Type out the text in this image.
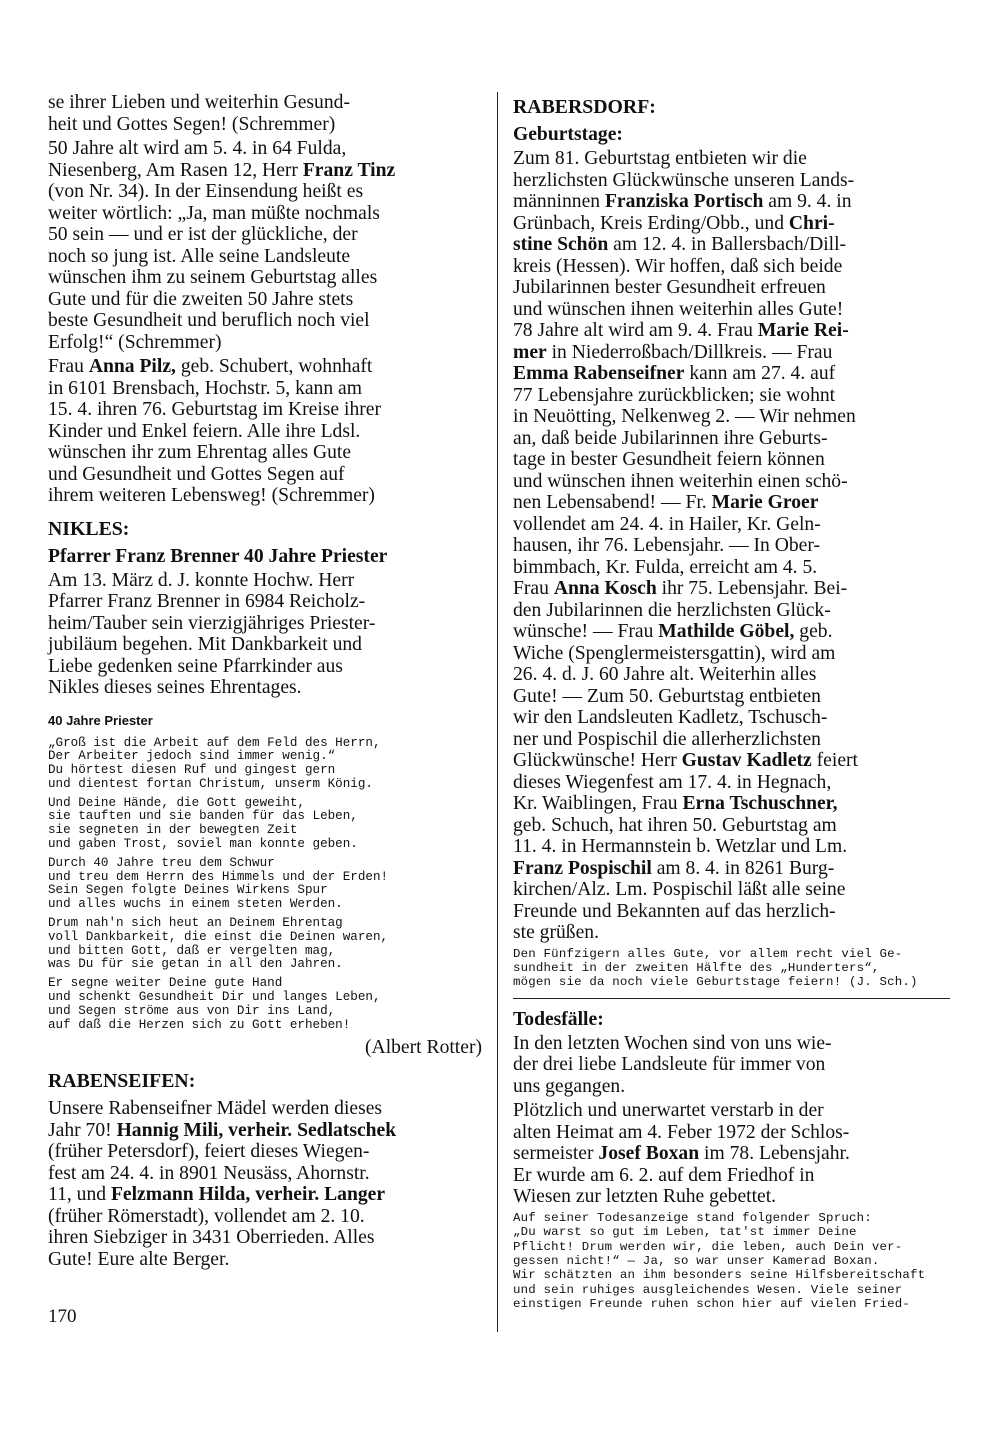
se ihrer Lieben und weiterhin Gesund-
heit und Gottes Segen! (Schremmer)

50 Jahre alt wird am 5. 4. in 64 Fulda,
Niesenberg, Am Rasen 12, Herr Franz Tinz
(von Nr. 34). In der Einsendung heißt es
weiter wörtlich: „Ja, man müßte nochmals
50 sein — und er ist der glückliche, der
noch so jung ist. Alle seine Landsleute
wünschen ihm zu seinem Geburtstag alles
Gute und für die zweiten 50 Jahre stets
beste Gesundheit und beruflich noch viel
Erfolg!“ (Schremmer)

Frau Anna Pilz, geb. Schubert, wohnhaft
in 6101 Brensbach, Hochstr. 5, kann am
15. 4. ihren 76. Geburtstag im Kreise ihrer
Kinder und Enkel feiern. Alle ihre Ldsl.
wünschen ihr zum Ehrentag alles Gute
und Gesundheit und Gottes Segen auf
ihrem weiteren Lebensweg! (Schremmer)

NIKLES:
Pfarrer Franz Brenner 40 Jahre Priester

Am 13. März d. J. konnte Hochw. Herr
Pfarrer Franz Brenner in 6984 Reicholz-
heim/Tauber sein vierzigjähriges Priester-
jubiläum begehen. Mit Dankbarkeit und
Liebe gedenken seine Pfarrkinder aus
Nikles dieses seines Ehrentages.

40 Jahre Priester
„Groß ist die Arbeit auf dem Feld des Herrn,
Der Arbeiter jedoch sind immer wenig.“
Du hörtest diesen Ruf und gingest gern
und dientest fortan Christum, unserm König.
Und Deine Hände, die Gott geweiht,
sie tauften und sie banden für das Leben,
sie segneten in der bewegten Zeit
und gaben Trost, soviel man konnte geben.
Durch 40 Jahre treu dem Schwur
und treu dem Herrn des Himmels und der Erden!
Sein Segen folgte Deines Wirkens Spur
und alles wuchs in einem steten Werden.
Drum nah'n sich heut an Deinem Ehrentag
voll Dankbarkeit, die einst die Deinen waren,
und bitten Gott, daß er vergelten mag,
was Du für sie getan in all den Jahren.
Er segne weiter Deine gute Hand
und schenkt Gesundheit Dir und langes Leben,
und Segen ströme aus von Dir ins Land,
auf daß die Herzen sich zu Gott erheben!
(Albert Rotter)
RABENSEIFEN:

Unsere Rabenseifner Mädel werden dieses
Jahr 70! Hannig Mili, verheir. Sedlatschek
(früher Petersdorf), feiert dieses Wiegen-
fest am 24. 4. in 8901 Neusäss, Ahornstr.
11, und Felzmann Hilda, verheir. Langer
(früher Römerstadt), vollendet am 2. 10.
ihren Siebziger in 3431 Oberrieden. Alles
Gute! Eure alte Berger.

170
RABERSDORF:
Geburtstage:

Zum 81. Geburtstag entbieten wir die
herzlichsten Glückwünsche unseren Lands-
männinnen Franziska Portisch am 9. 4. in
Grünbach, Kreis Erding/Obb., und Chri-
stine Schön am 12. 4. in Ballersbach/Dill-
kreis (Hessen). Wir hoffen, daß sich beide
Jubilarinnen bester Gesundheit erfreuen
und wünschen ihnen weiterhin alles Gute!
78 Jahre alt wird am 9. 4. Frau Marie Rei-
mer in Niederroßbach/Dillkreis. — Frau
Emma Rabenseifner kann am 27. 4. auf
77 Lebensjahre zurückblicken; sie wohnt
in Neuötting, Nelkenweg 2. — Wir nehmen
an, daß beide Jubilarinnen ihre Geburts-
tage in bester Gesundheit feiern können
und wünschen ihnen weiterhin einen schö-
nen Lebensabend! — Fr. Marie Groer
vollendet am 24. 4. in Hailer, Kr. Geln-
hausen, ihr 76. Lebensjahr. — In Ober-
bimmbach, Kr. Fulda, erreicht am 4. 5.
Frau Anna Kosch ihr 75. Lebensjahr. Bei-
den Jubilarinnen die herzlichsten Glück-
wünsche! — Frau Mathilde Göbel, geb.
Wiche (Spenglermeistersgattin), wird am
26. 4. d. J. 60 Jahre alt. Weiterhin alles
Gute! — Zum 50. Geburtstag entbieten
wir den Landsleuten Kadletz, Tschusch-
ner und Pospischil die allerherzlichsten
Glückwünsche! Herr Gustav Kadletz feiert
dieses Wiegenfest am 17. 4. in Hegnach,
Kr. Waiblingen, Frau Erna Tschuschner,
geb. Schuch, hat ihren 50. Geburtstag am
11. 4. in Hermannstein b. Wetzlar und Lm.
Franz Pospischil am 8. 4. in 8261 Burg-
kirchen/Alz. Lm. Pospischil läßt alle seine
Freunde und Bekannten auf das herzlich-
ste grüßen.

Den Fünfzigern alles Gute, vor allem recht viel Ge-
sundheit in der zweiten Hälfte des „Hunderters“,
mögen sie da noch viele Geburtstage feiern! (J. Sch.)
Todesfälle:

In den letzten Wochen sind von uns wie-
der drei liebe Landsleute für immer von
uns gegangen.

Plötzlich und unerwartet verstarb in der
alten Heimat am 4. Feber 1972 der Schlos-
sermeister Josef Boxan im 78. Lebensjahr.
Er wurde am 6. 2. auf dem Friedhof in
Wiesen zur letzten Ruhe gebettet.

Auf seiner Todesanzeige stand folgender Spruch:
„Du warst so gut im Leben, tat'st immer Deine
Pflicht! Drum werden wir, die leben, auch Dein ver-
gessen nicht!“ — Ja, so war unser Kamerad Boxan.
Wir schätzten an ihm besonders seine Hilfsbereitschaft
und sein ruhiges ausgleichendes Wesen. Viele seiner
einstigen Freunde ruhen schon hier auf vielen Fried-
